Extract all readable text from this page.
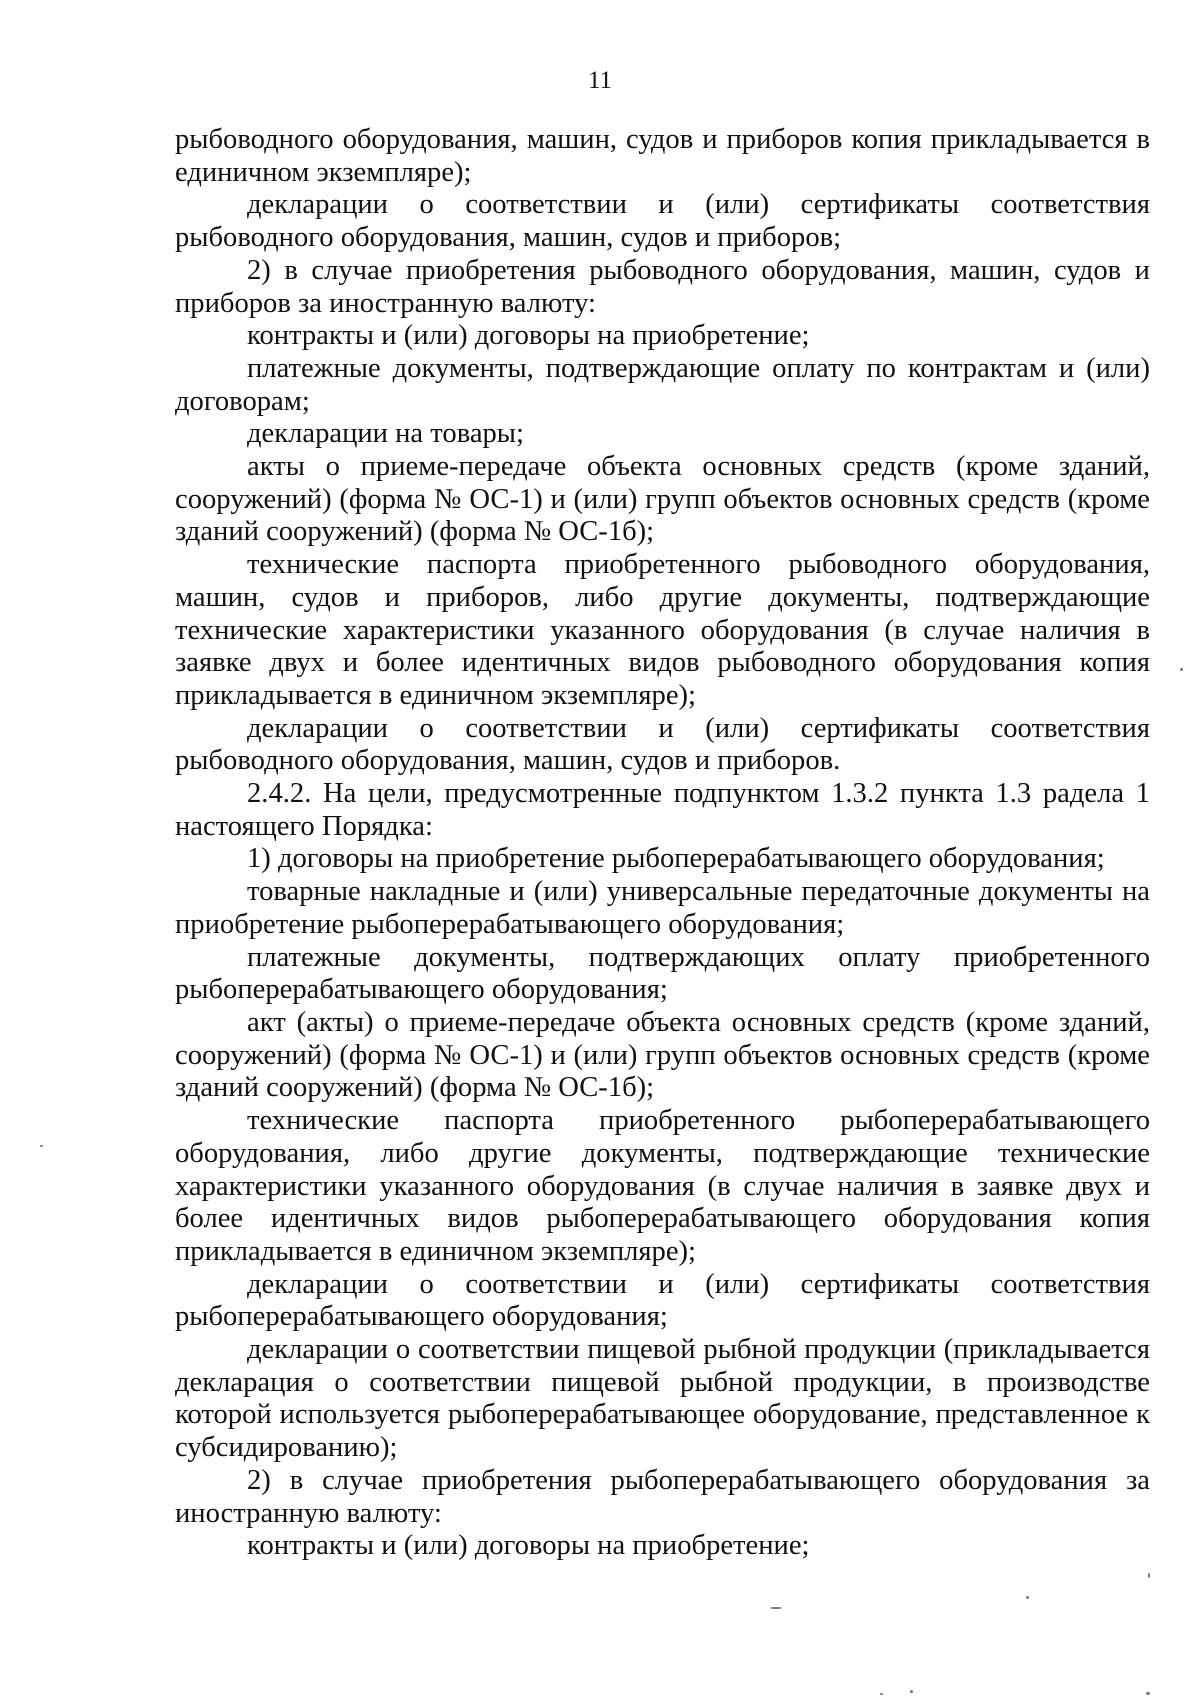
11

рыбоводного оборудования, машин, судов и приборов копия прикладывается в единичном экземпляре);

декларации о соответствии и (или) сертификаты соответствия рыбоводного оборудования, машин, судов и приборов;

2) в случае приобретения рыбоводного оборудования, машин, судов и приборов за иностранную валюту:

контракты и (или) договоры на приобретение;

платежные документы, подтверждающие оплату по контрактам и (или) договорам;

декларации на товары;

акты о приеме-передаче объекта основных средств (кроме зданий, сооружений) (форма № ОС-1) и (или) групп объектов основных средств (кроме зданий сооружений) (форма № ОС-1б);

технические паспорта приобретенного рыбоводного оборудования, машин, судов и приборов, либо другие документы, подтверждающие технические характеристики указанного оборудования (в случае наличия в заявке двух и более идентичных видов рыбоводного оборудования копия прикладывается в единичном экземпляре);

декларации о соответствии и (или) сертификаты соответствия рыбоводного оборудования, машин, судов и приборов.

2.4.2. На цели, предусмотренные подпунктом 1.3.2 пункта 1.3 радела 1 настоящего Порядка:

1) договоры на приобретение рыбоперерабатывающего оборудования;

товарные накладные и (или) универсальные передаточные документы на приобретение рыбоперерабатывающего оборудования;

платежные документы, подтверждающих оплату приобретенного рыбоперерабатывающего оборудования;

акт (акты) о приеме-передаче объекта основных средств (кроме зданий, сооружений) (форма № ОС-1) и (или) групп объектов основных средств (кроме зданий сооружений) (форма № ОС-1б);

технические паспорта приобретенного рыбоперерабатывающего оборудования, либо другие документы, подтверждающие технические характеристики указанного оборудования (в случае наличия в заявке двух и более идентичных видов рыбоперерабатывающего оборудования копия прикладывается в единичном экземпляре);

декларации о соответствии и (или) сертификаты соответствия рыбоперерабатывающего оборудования;

декларации о соответствии пищевой рыбной продукции (прикладывается декларация о соответствии пищевой рыбной продукции, в производстве которой используется рыбоперерабатывающее оборудование, представленное к субсидированию);

2) в случае приобретения рыбоперерабатывающего оборудования за иностранную валюту:

контракты и (или) договоры на приобретение;
